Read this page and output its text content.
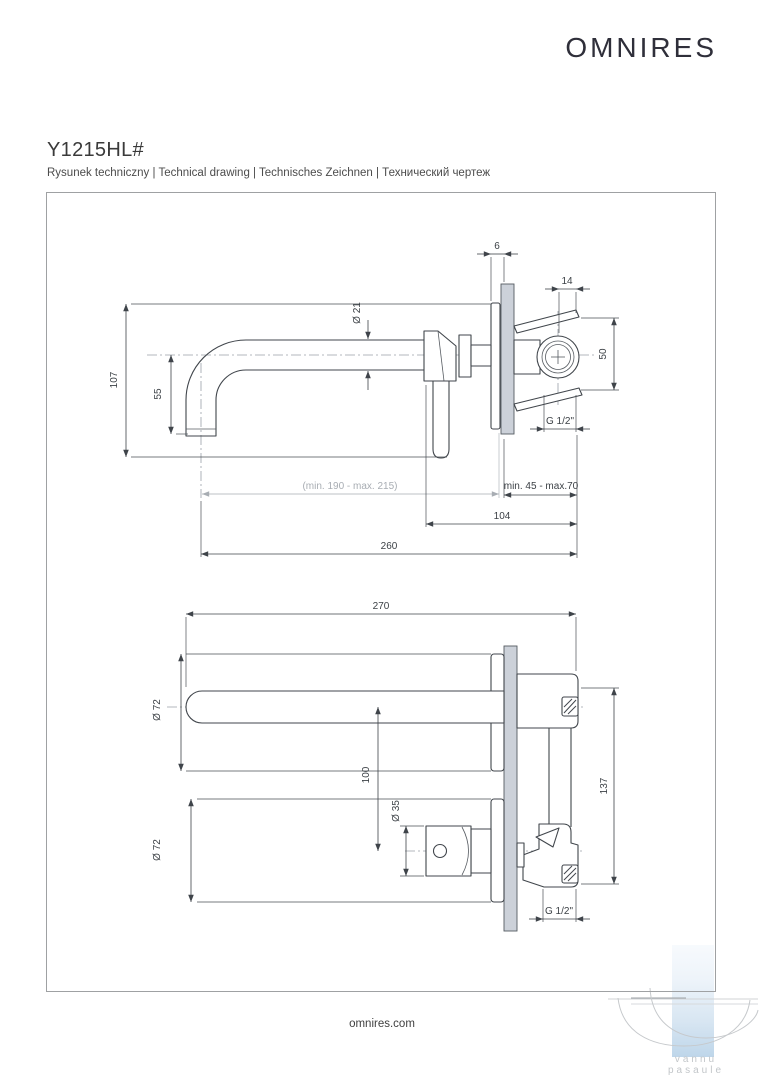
OMNIRES
Y1215HL#
Rysunek techniczny | Technical drawing | Technisches Zeichnen | Технический чертеж
107
55
Ø 21
6
14
50
G 1/2"
(min. 190 - max. 215)	min. 45 - max.70
104
260
270
Ø 72
Ø 72
100
Ø 35
137
G 1/2"
omnires.com
vannu
pasaule
